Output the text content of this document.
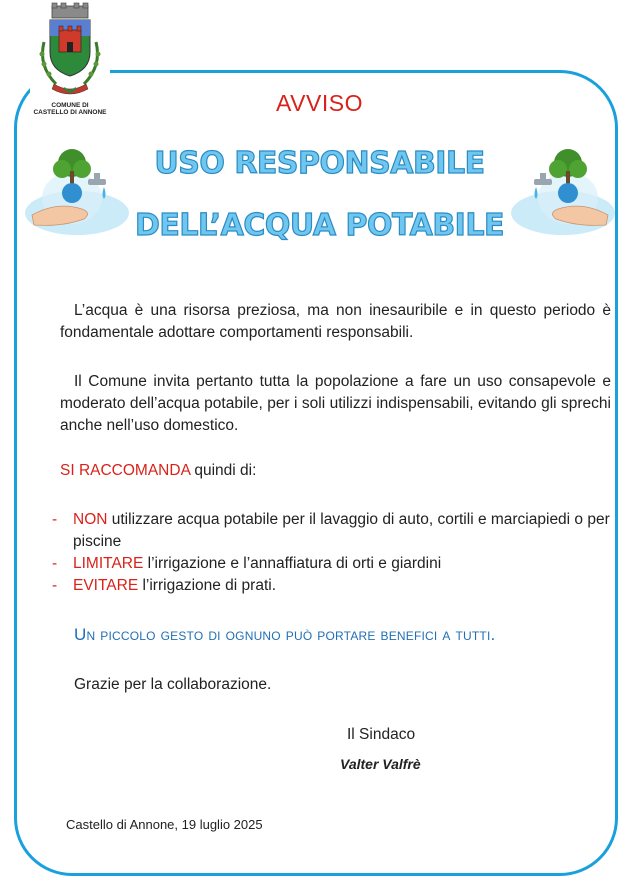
COMUNE DI
CASTELLO DI ANNONE	AVVISO
USO RESPONSABILE
DELL’ACQUA POTABILE

L’acqua è una risorsa preziosa, ma non inesauribile e in questo periodo è fondamentale adottare comportamenti responsabili.

Il Comune invita pertanto tutta la popolazione a fare un uso consapevole e moderato dell’acqua potabile, per i soli utilizzi indispensabili, evitando gli sprechi anche nell’uso domestico.

SI RACCOMANDA quindi di:
-	NON utilizzare acqua potabile per il lavaggio di auto, cortili e marciapiedi o per piscine
-	LIMITARE l’irrigazione e l’annaffiatura di orti e giardini
-	EVITARE l’irrigazione di prati.
Un piccolo gesto di ognuno può portare benefici a tutti.
Grazie per la collaborazione.
Il Sindaco
Valter Valfrè
Castello di Annone, 19 luglio 2025
